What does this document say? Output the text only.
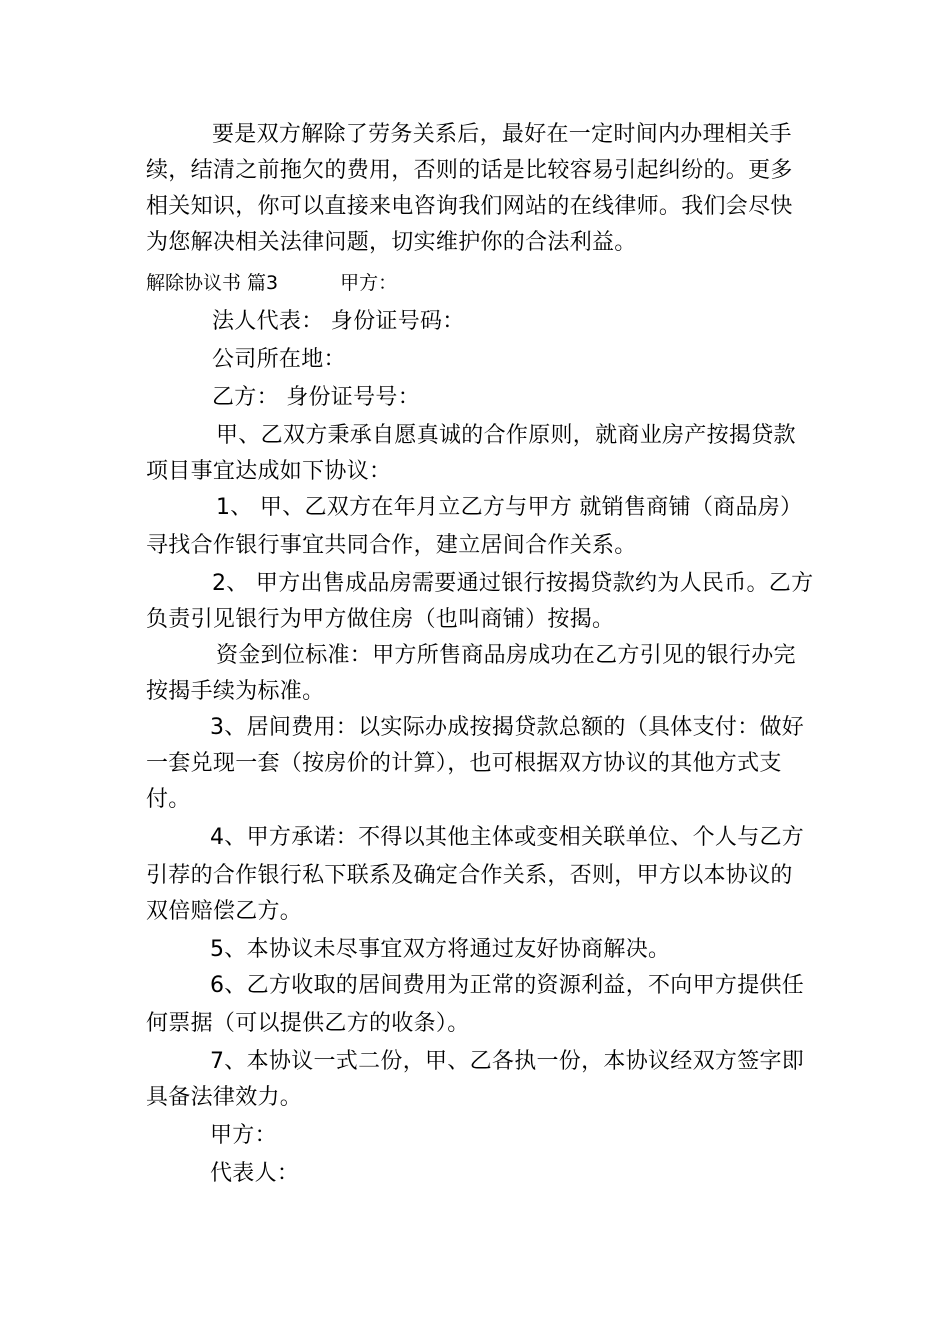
要是双方解除了劳务关系后，最好在一定时间内办理相关手
续，结清之前拖欠的费用，否则的话是比较容易引起纠纷的。更多
相关知识，你可以直接来电咨询我们网站的在线律师。我们会尽快
为您解决相关法律问题，切实维护你的合法利益。
解除协议书 篇3	甲方：
法人代表： 身份证号码：
公司所在地：
乙方： 身份证号号：
甲、乙双方秉承自愿真诚的合作原则，就商业房产按揭贷款
项目事宜达成如下协议：
1、 甲、乙双方在年月立乙方与甲方 就销售商铺（商品房）
寻找合作银行事宜共同合作，建立居间合作关系。
2、 甲方出售成品房需要通过银行按揭贷款约为人民币。乙方
负责引见银行为甲方做住房（也叫商铺）按揭。
资金到位标准：甲方所售商品房成功在乙方引见的银行办完
按揭手续为标准。
3、居间费用：以实际办成按揭贷款总额的（具体支付：做好
一套兑现一套（按房价的计算），也可根据双方协议的其他方式支
付。
4、甲方承诺：不得以其他主体或变相关联单位、个人与乙方
引荐的合作银行私下联系及确定合作关系，否则，甲方以本协议的
双倍赔偿乙方。
5、本协议未尽事宜双方将通过友好协商解决。
6、乙方收取的居间费用为正常的资源利益，不向甲方提供任
何票据（可以提供乙方的收条）。
7、本协议一式二份，甲、乙各执一份，本协议经双方签字即
具备法律效力。
甲方：
代表人：
